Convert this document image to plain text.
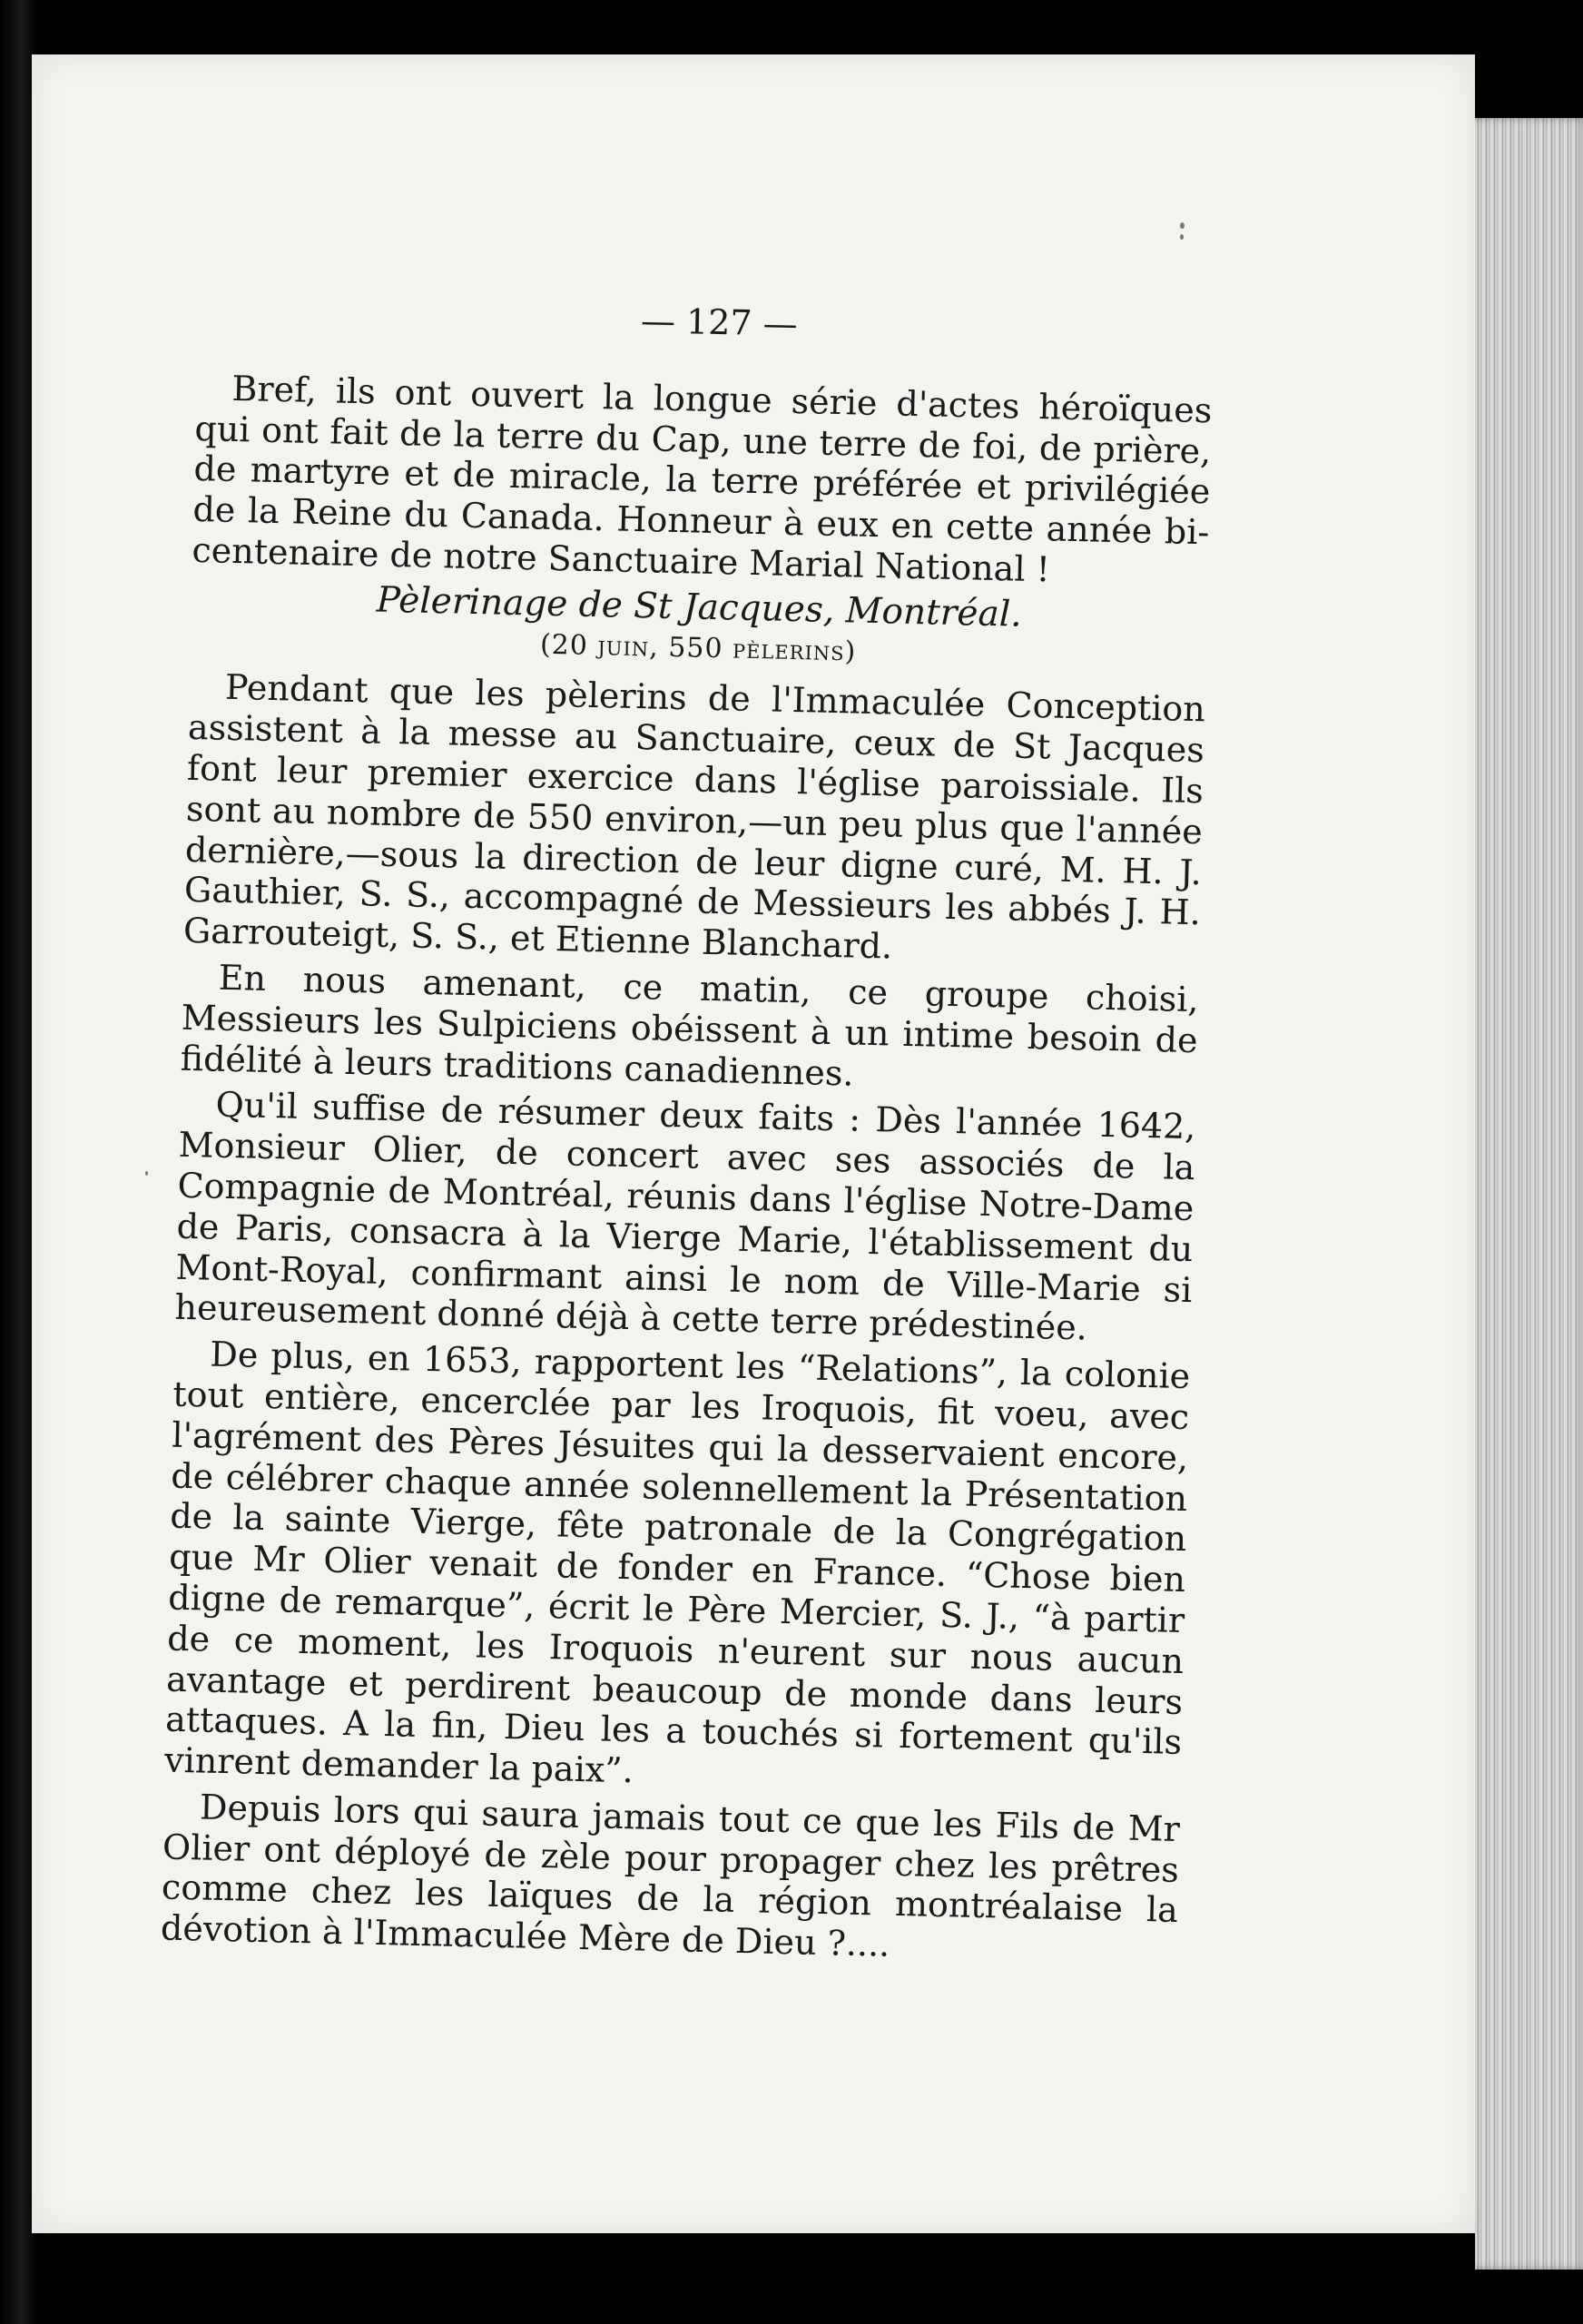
— 127 —

Bref, ils ont ouvert la longue série d'actes héroïques qui ont fait de la terre du Cap, une terre de foi, de prière, de martyre et de miracle, la terre préférée et privilégiée de la Reine du Canada. Honneur à eux en cette année bi-centenaire de notre Sanctuaire Marial National !

Pèlerinage de St Jacques, Montréal.
(20 juin, 550 pèlerins)

Pendant que les pèlerins de l'Immaculée Conception assistent à la messe au Sanctuaire, ceux de St Jacques font leur premier exercice dans l'église paroissiale. Ils sont au nombre de 550 environ,—un peu plus que l'année dernière,—sous la direction de leur digne curé, M. H. J. Gauthier, S. S., accompagné de Messieurs les abbés J. H. Garrouteigt, S. S., et Etienne Blanchard.

En nous amenant, ce matin, ce groupe choisi, Messieurs les Sulpiciens obéissent à un intime besoin de fidélité à leurs traditions canadiennes.

Qu'il suffise de résumer deux faits : Dès l'année 1642, Monsieur Olier, de concert avec ses associés de la Compagnie de Montréal, réunis dans l'église Notre-Dame de Paris, consacra à la Vierge Marie, l'établissement du Mont-Royal, confirmant ainsi le nom de Ville-Marie si heureusement donné déjà à cette terre prédestinée.

De plus, en 1653, rapportent les “Relations”, la colonie tout entière, encerclée par les Iroquois, fit voeu, avec l'agrément des Pères Jésuites qui la desservaient encore, de célébrer chaque année solennellement la Présentation de la sainte Vierge, fête patronale de la Congrégation que Mr Olier venait de fonder en France. “Chose bien digne de remarque”, écrit le Père Mercier, S. J., “à partir de ce moment, les Iroquois n'eurent sur nous aucun avantage et perdirent beaucoup de monde dans leurs attaques. A la fin, Dieu les a touchés si fortement qu'ils vinrent demander la paix”.

Depuis lors qui saura jamais tout ce que les Fils de Mr Olier ont déployé de zèle pour propager chez les prêtres comme chez les laïques de la région montréalaise la dévotion à l'Immaculée Mère de Dieu ?....
